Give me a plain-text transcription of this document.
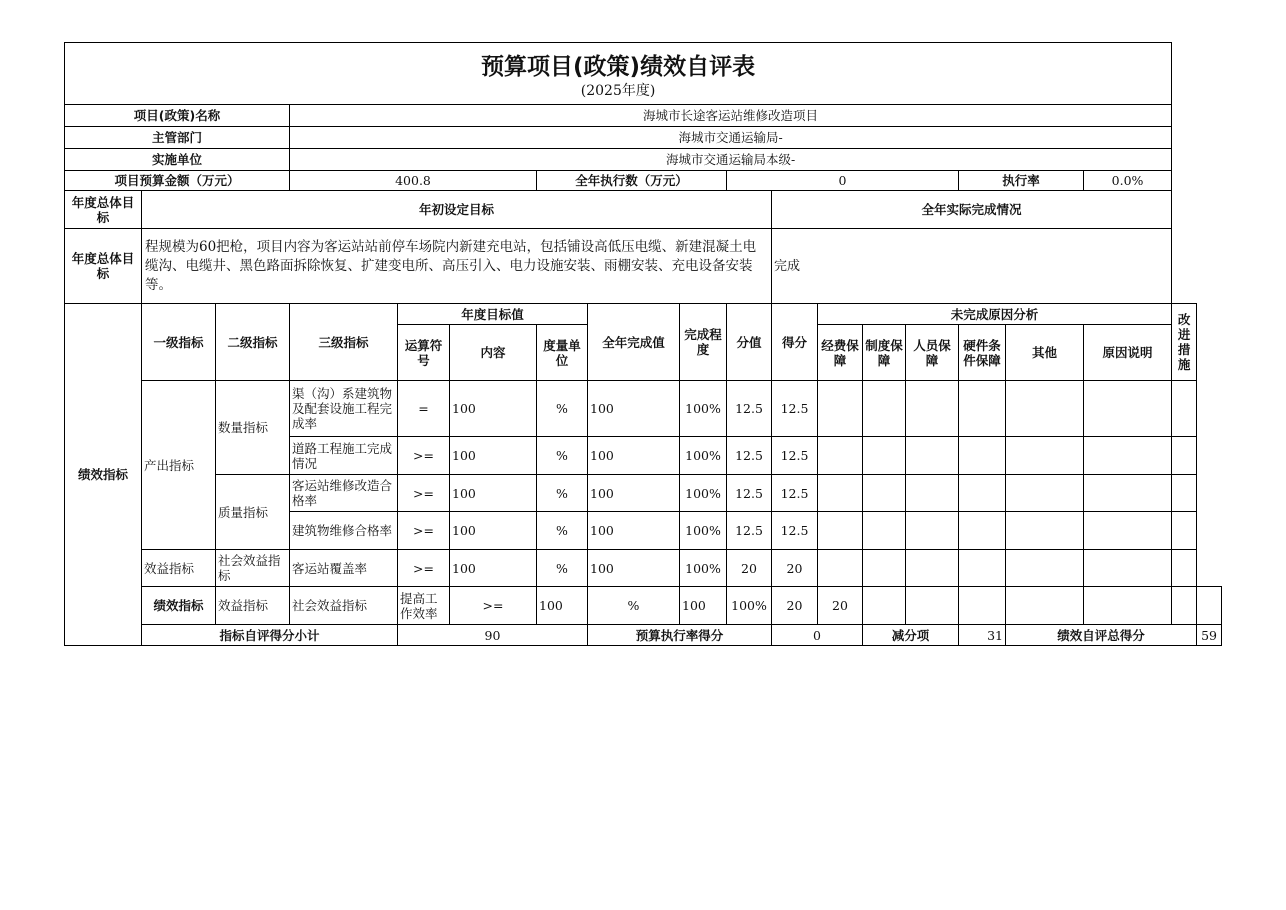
预算项目(政策)绩效自评表
(2025年度)																		

项目(政策)名称			海城市长途客运站维修改造项目															
主管部门			海城市交通运输局-															
实施单位			海城市交通运输局本级-															
项目预算金额（万元）			400.8			全年执行数（万元）			0					执行率		0.0%		
年度总体目标	年初设定目标									全年实际完成情况								
年度总体目标	程规模为60把枪，项目内容为客运站站前停车场院内新建充电站，包括铺设高低压电缆、新建混凝土电缆沟、电缆井、黑色路面拆除恢复、扩建变电所、高压引入、电力设施安装、雨棚安装、充电设备安装等。									完成								
绩效指标	一级指标	二级指标	三级指标	年度目标值			全年完成值	完成程度	分值	得分	未完成原因分析						改进措施	
				运算符号	内容	度量单位					经费保障	制度保障	人员保障	硬件条件保障	其他	原因说明		
	产出指标	数量指标	渠（沟）系建筑物及配套设施工程完成率	=	100	%	100	100%	12.5	12.5								
			道路工程施工完成情况	>=	100	%	100	100%	12.5	12.5								
		质量指标	客运站维修改造合格率	>=	100	%	100	100%	12.5	12.5								
			建筑物维修合格率	>=	100	%	100	100%	12.5	12.5								
	效益指标	社会效益指标	客运站覆盖率	>=	100	%	100	100%	20	20								
	绩效指标	效益指标	社会效益指标	提高工作效率	>=	100	%	100	100%	20	20							
	指标自评得分小计			90			预算执行率得分			0		减分项		31	绩效自评总得分			59
